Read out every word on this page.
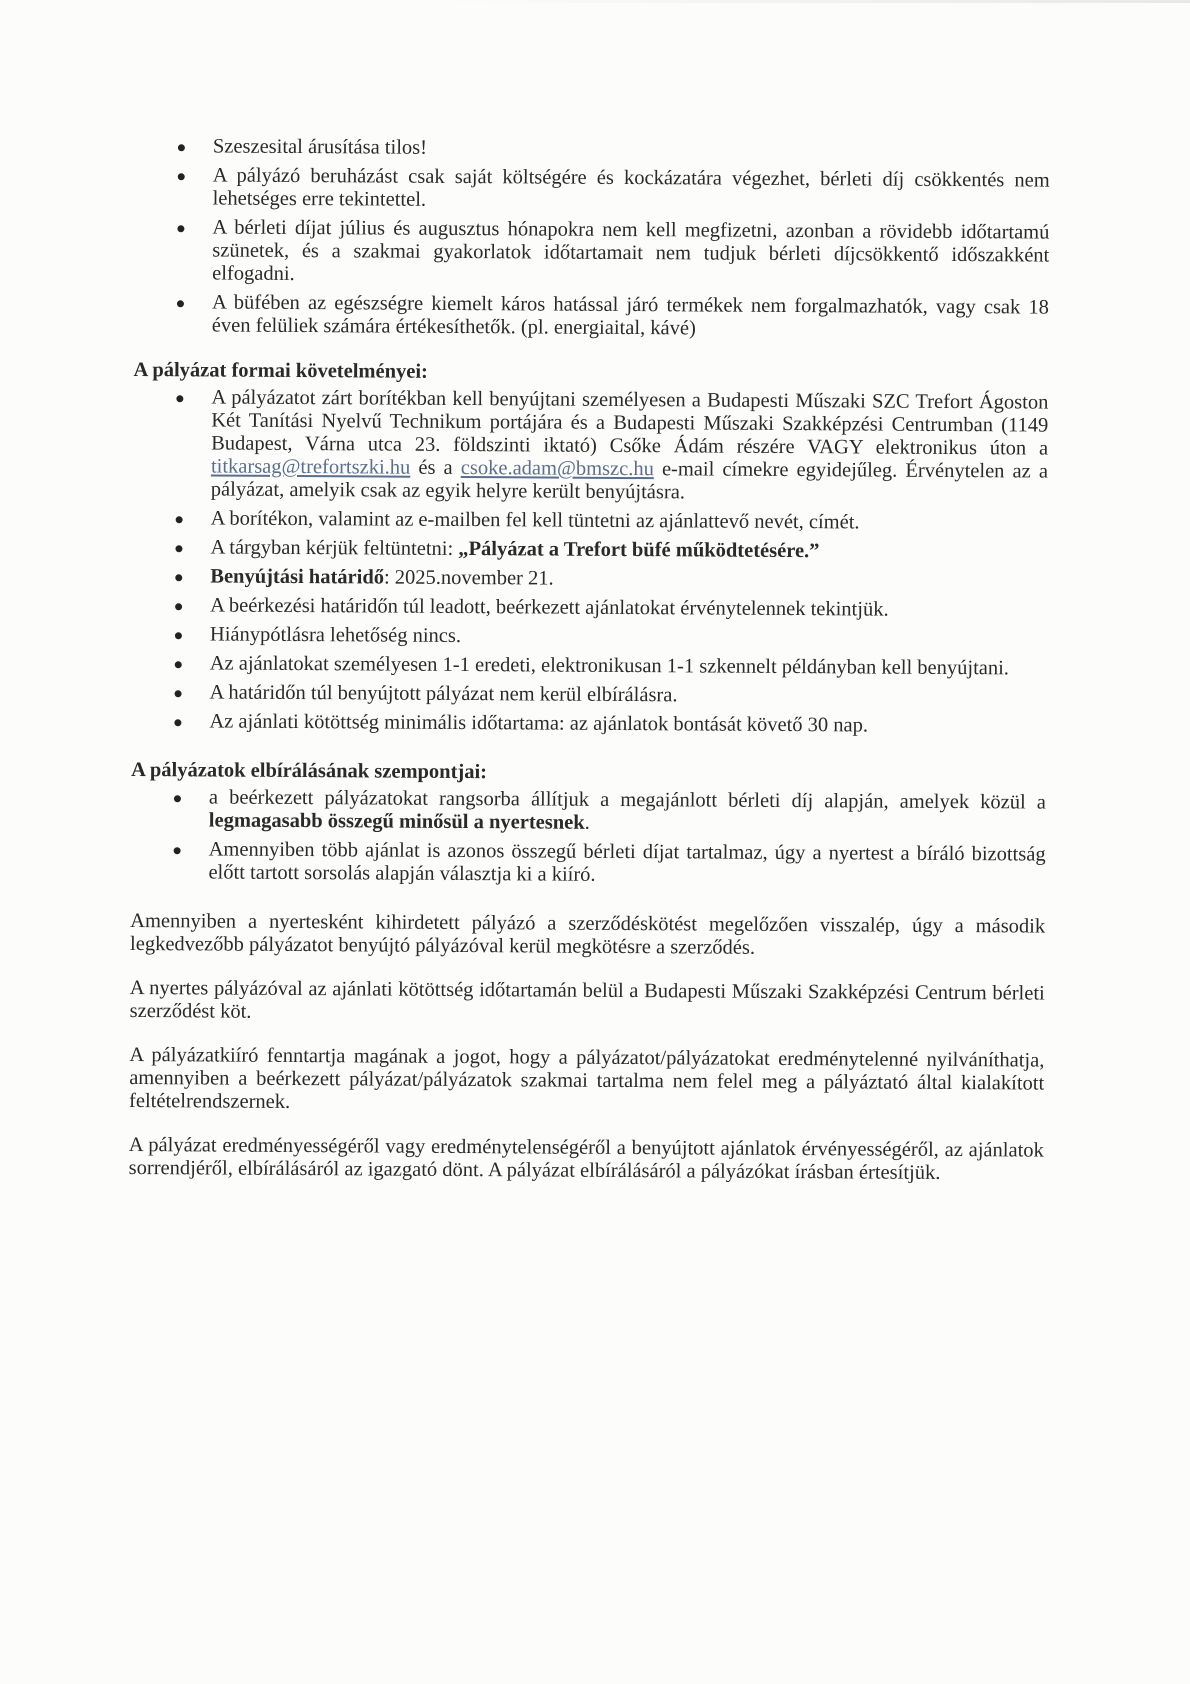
Szeszesital árusítása tilos!
A pályázó beruházást csak saját költségére és kockázatára végezhet, bérleti díj csökkentés nem lehetséges erre tekintettel.
A bérleti díjat július és augusztus hónapokra nem kell megfizetni, azonban a rövidebb időtartamú szünetek, és a szakmai gyakorlatok időtartamait nem tudjuk bérleti díjcsökkentő időszakként elfogadni.
A büfében az egészségre kiemelt káros hatással járó termékek nem forgalmazhatók, vagy csak 18 éven felüliek számára értékesíthetők. (pl. energiaital, kávé)
A pályázat formai követelményei:
A pályázatot zárt borítékban kell benyújtani személyesen a Budapesti Műszaki SZC Trefort Ágoston Két Tanítási Nyelvű Technikum portájára és a Budapesti Műszaki Szakképzési Centrumban (1149 Budapest, Várna utca 23. földszinti iktató) Csőke Ádám részére VAGY elektronikus úton a titkarsag@trefortszki.hu és a csoke.adam@bmszc.hu e-mail címekre egyidejűleg. Érvénytelen az a pályázat, amelyik csak az egyik helyre került benyújtásra.
A borítékon, valamint az e-mailben fel kell tüntetni az ajánlattevő nevét, címét.
A tárgyban kérjük feltüntetni: „Pályázat a Trefort büfé működtetésére.”
Benyújtási határidő: 2025.november 21.
A beérkezési határidőn túl leadott, beérkezett ajánlatokat érvénytelennek tekintjük.
Hiánypótlásra lehetőség nincs.
Az ajánlatokat személyesen 1-1 eredeti, elektronikusan 1-1 szkennelt példányban kell benyújtani.
A határidőn túl benyújtott pályázat nem kerül elbírálásra.
Az ajánlati kötöttség minimális időtartama: az ajánlatok bontását követő 30 nap.
A pályázatok elbírálásának szempontjai:
a beérkezett pályázatokat rangsorba állítjuk a megajánlott bérleti díj alapján, amelyek közül a legmagasabb összegű minősül a nyertesnek.
Amennyiben több ajánlat is azonos összegű bérleti díjat tartalmaz, úgy a nyertest a bíráló bizottság előtt tartott sorsolás alapján választja ki a kiíró.

Amennyiben a nyertesként kihirdetett pályázó a szerződéskötést megelőzően visszalép, úgy a második legkedvezőbb pályázatot benyújtó pályázóval kerül megkötésre a szerződés.

A nyertes pályázóval az ajánlati kötöttség időtartamán belül a Budapesti Műszaki Szakképzési Centrum bérleti szerződést köt.

A pályázatkiíró fenntartja magának a jogot, hogy a pályázatot/pályázatokat eredménytelenné nyilváníthatja, amennyiben a beérkezett pályázat/pályázatok szakmai tartalma nem felel meg a pályáztató által kialakított feltételrendszernek.

A pályázat eredményességéről vagy eredménytelenségéről a benyújtott ajánlatok érvényességéről, az ajánlatok sorrendjéről, elbírálásáról az igazgató dönt. A pályázat elbírálásáról a pályázókat írásban értesítjük.
